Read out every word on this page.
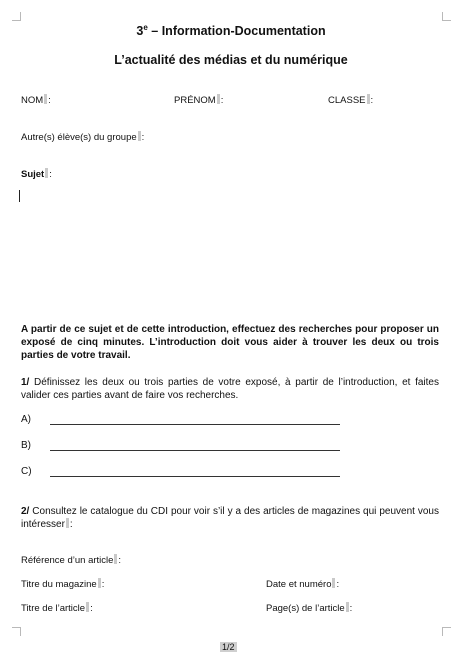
3e – Information-Documentation
L’actualité des médias et du numérique
NOM :	PRÉNOM :	CLASSE :
Autre(s) élève(s) du groupe :
Sujet :
A partir de ce sujet et de cette introduction, effectuez des recherches pour proposer un exposé de cinq minutes. L’introduction doit vous aider à trouver les deux ou trois parties de votre travail.
1/ Définissez les deux ou trois parties de votre exposé, à partir de l’introduction, et faites valider ces parties avant de faire vos recherches.
A)
B)
C)
2/ Consultez le catalogue du CDI pour voir s’il y a des articles de magazines qui peuvent vous intéresser :
Référence d’un article :
Titre du magazine :	Date et numéro :
Titre de l’article :	Page(s) de l’article :
1/2
